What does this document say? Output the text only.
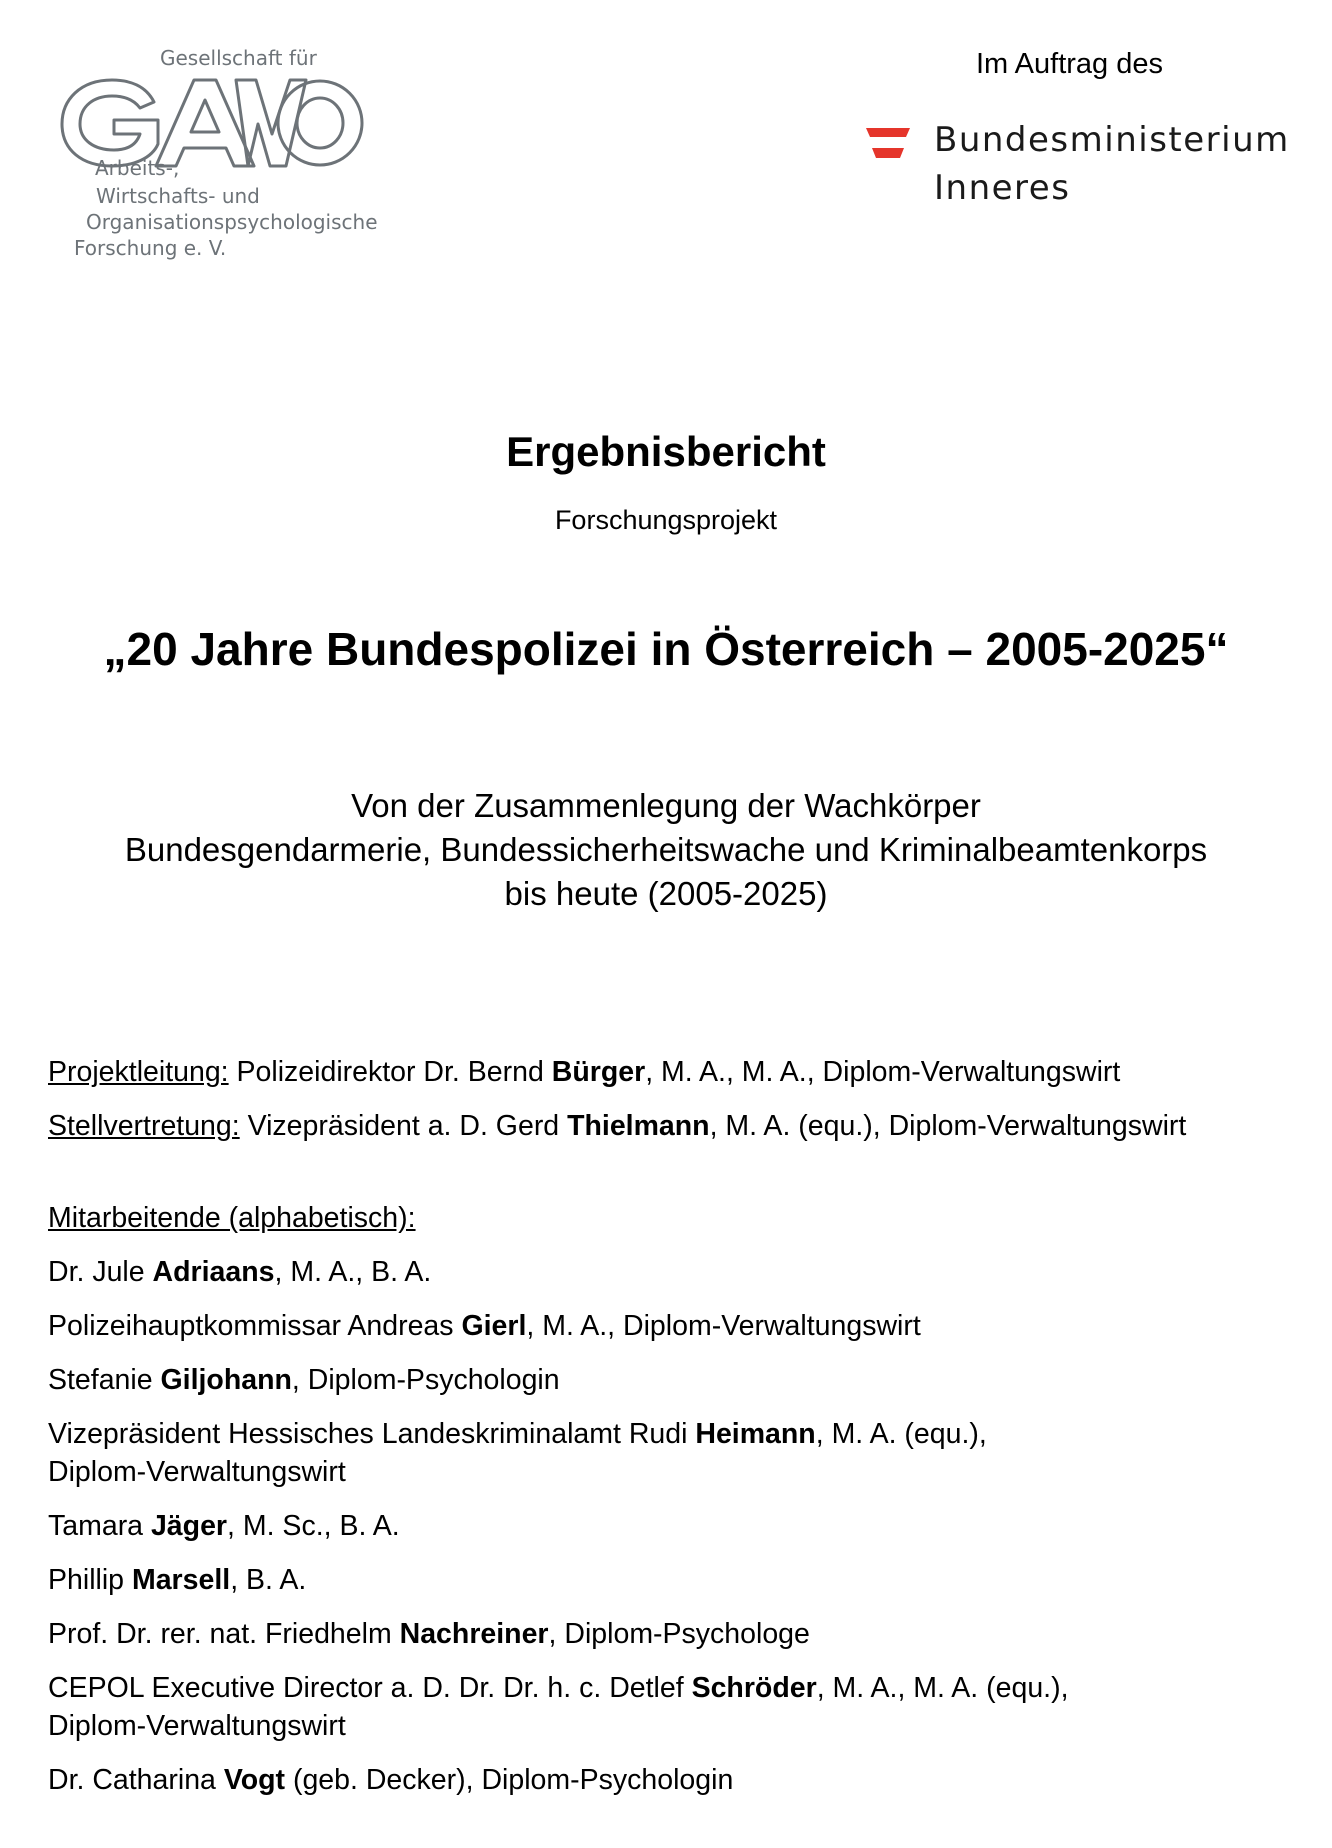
Gesellschaft für
Arbeits-,
Wirtschafts- und
Organisationspsychologische
Forschung e. V.
Im Auftrag des
Bundesministerium
Inneres
Ergebnisbericht
Forschungsprojekt
„20 Jahre Bundespolizei in Österreich – 2005-2025“
Von der Zusammenlegung der Wachkörper
Bundesgendarmerie, Bundessicherheitswache und Kriminalbeamtenkorps
bis heute (2005-2025)
Projektleitung: Polizeidirektor Dr. Bernd Bürger, M. A., M. A., Diplom-Verwaltungswirt
Stellvertretung: Vizepräsident a. D. Gerd Thielmann, M. A. (equ.), Diplom-Verwaltungswirt
Mitarbeitende (alphabetisch):
Dr. Jule Adriaans, M. A., B. A.
Polizeihauptkommissar Andreas Gierl, M. A., Diplom-Verwaltungswirt
Stefanie Giljohann, Diplom-Psychologin
Vizepräsident Hessisches Landeskriminalamt Rudi Heimann, M. A. (equ.),
Diplom-Verwaltungswirt
Tamara Jäger, M. Sc., B. A.
Phillip Marsell, B. A.
Prof. Dr. rer. nat. Friedhelm Nachreiner, Diplom-Psychologe
CEPOL Executive Director a. D. Dr. Dr. h. c. Detlef Schröder, M. A., M. A. (equ.),
Diplom-Verwaltungswirt
Dr. Catharina Vogt (geb. Decker), Diplom-Psychologin
